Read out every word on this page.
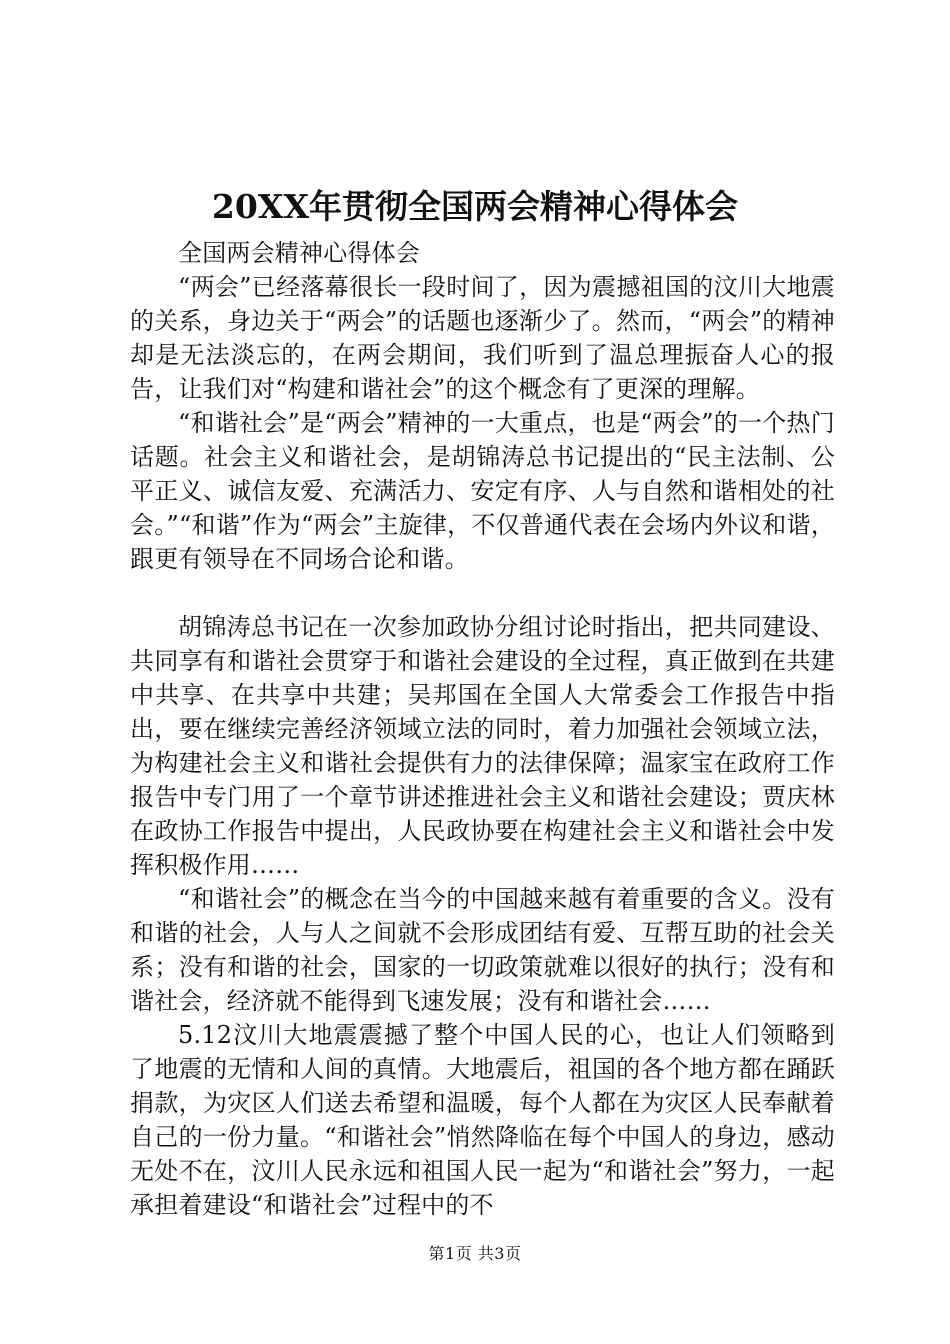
20XX年贯彻全国两会精神心得体会

全国两会精神心得体会

“两会”已经落幕很长一段时间了，因为震撼祖国的汶川大地震的关系，身边关于“两会”的话题也逐渐少了。然而，“两会”的精神却是无法淡忘的，在两会期间，我们听到了温总理振奋人心的报告，让我们对“构建和谐社会”的这个概念有了更深的理解。

“和谐社会”是“两会”精神的一大重点，也是“两会”的一个热门话题。社会主义和谐社会，是胡锦涛总书记提出的“民主法制、公平正义、诚信友爱、充满活力、安定有序、人与自然和谐相处的社会。”“和谐”作为“两会”主旋律，不仅普通代表在会场内外议和谐，跟更有领导在不同场合论和谐。

胡锦涛总书记在一次参加政协分组讨论时指出，把共同建设、共同享有和谐社会贯穿于和谐社会建设的全过程，真正做到在共建中共享、在共享中共建；吴邦国在全国人大常委会工作报告中指出，要在继续完善经济领域立法的同时，着力加强社会领域立法，为构建社会主义和谐社会提供有力的法律保障；温家宝在政府工作报告中专门用了一个章节讲述推进社会主义和谐社会建设；贾庆林在政协工作报告中提出，人民政协要在构建社会主义和谐社会中发挥积极作用……

“和谐社会”的概念在当今的中国越来越有着重要的含义。没有和谐的社会，人与人之间就不会形成团结有爱、互帮互助的社会关系；没有和谐的社会，国家的一切政策就难以很好的执行；没有和谐社会，经济就不能得到飞速发展；没有和谐社会……

5.12汶川大地震震撼了整个中国人民的心，也让人们领略到了地震的无情和人间的真情。大地震后，祖国的各个地方都在踊跃捐款，为灾区人们送去希望和温暖，每个人都在为灾区人民奉献着自己的一份力量。“和谐社会”悄然降临在每个中国人的身边，感动无处不在，汶川人民永远和祖国人民一起为“和谐社会”努力，一起承担着建设“和谐社会”过程中的不

第1页 共3页
